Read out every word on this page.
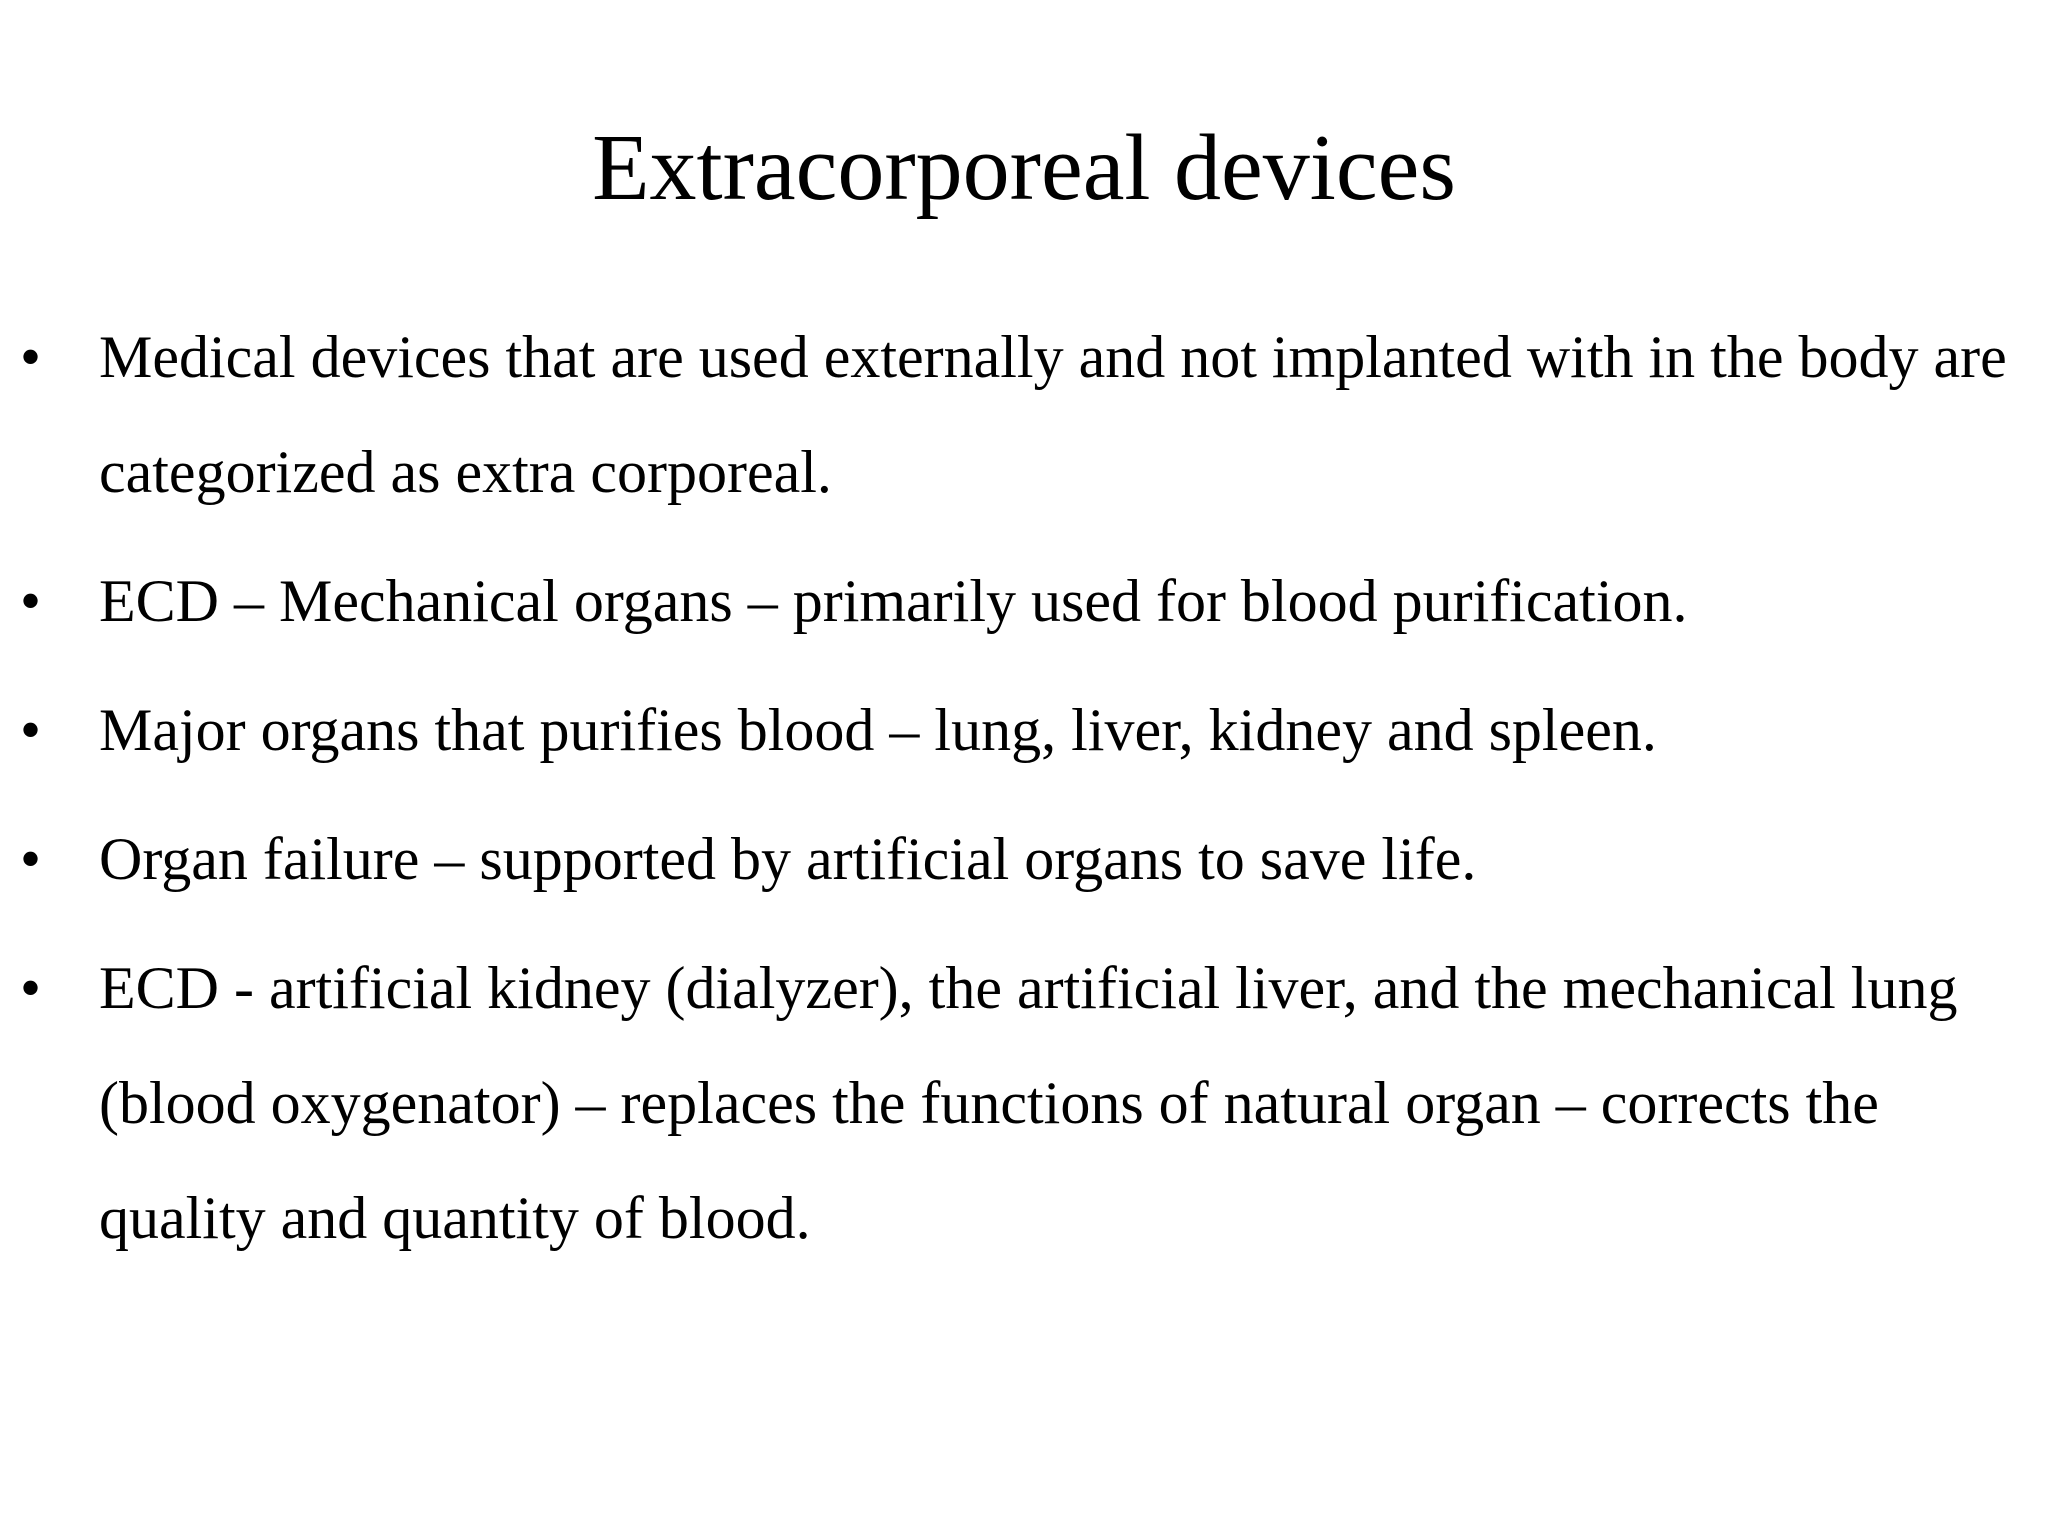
Extracorporeal devices
• Medical devices that are used externally and not implanted with in the body are categorized as extra corporeal.
• ECD – Mechanical organs – primarily used for blood purification.
• Major organs that purifies blood – lung, liver, kidney and spleen.
• Organ failure – supported by artificial organs to save life.
• ECD - artificial kidney (dialyzer), the artificial liver, and the mechanical lung (blood oxygenator) – replaces the functions of natural organ – corrects the quality and quantity of blood.
